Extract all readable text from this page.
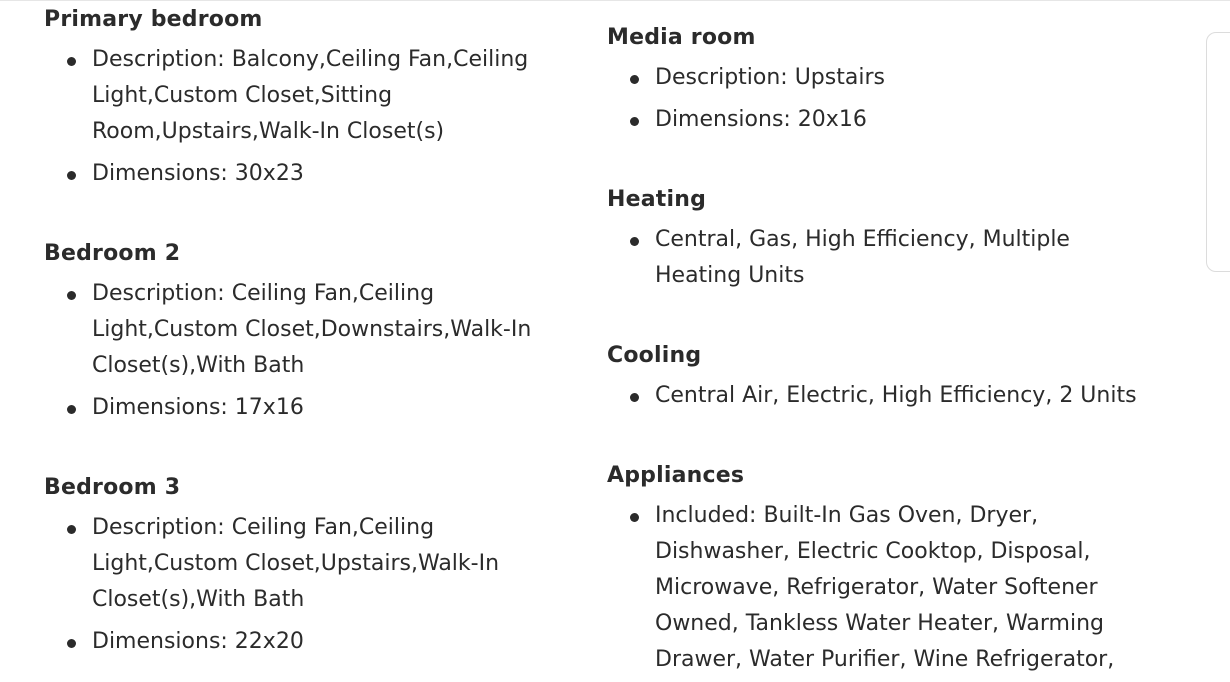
Primary bedroom
Description: Balcony,Ceiling Fan,Ceiling Light,Custom Closet,Sitting Room,Upstairs,Walk-In Closet(s)
Dimensions: 30x23
Bedroom 2
Description: Ceiling Fan,Ceiling Light,Custom Closet,Downstairs,Walk-In Closet(s),With Bath
Dimensions: 17x16
Bedroom 3
Description: Ceiling Fan,Ceiling Light,Custom Closet,Upstairs,Walk-In Closet(s),With Bath
Dimensions: 22x20
Media room
Description: Upstairs
Dimensions: 20x16
Heating
Central, Gas, High Efficiency, Multiple Heating Units
Cooling
Central Air, Electric, High Efficiency, 2 Units
Appliances
Included: Built-In Gas Oven, Dryer, Dishwasher, Electric Cooktop, Disposal, Microwave, Refrigerator, Water Softener Owned, Tankless Water Heater, Warming Drawer, Water Purifier, Wine Refrigerator,
